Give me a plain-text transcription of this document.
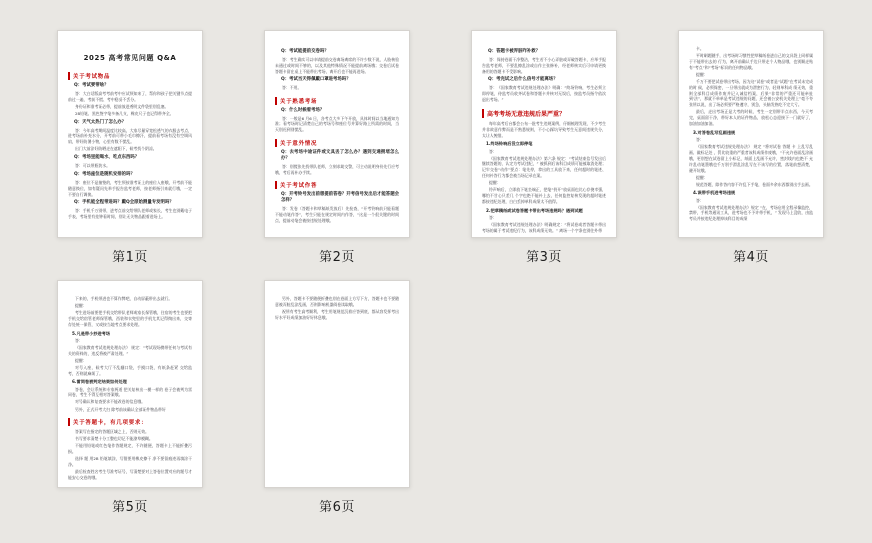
2025 高考常见问题 Q&A
关于考试物品
Q：考试要带啥？
答：大白话版高考考前考中应试须知来了，帮你和孩子把关键节点提前过一遍，考前不慌、考中稳妥不丢分。
身份证和准考证必带，提前放进透明文件袋里别乱塞。
2B铅笔、黑色签字笔多备几支，橡皮尺子也记得带齐全。
Q：天气太热门了怎么办？
答：今年高考期间温度比较高，大家尽量穿宽松透气的衣服去考点，进考场前补充水分，开考前可带小毛巾擦汗，提前看考场有没有空调风扇，带好防暑小物，心里有数不慌乱。
出门大前涂好防晒走在遮阳下，候考找个阴凉。
Q：考场里能喝水、吃点东西吗？
答：可以带瓶装水。
Q：考场座位是随机安排的吗？
答：座位不是抽签的，考生须按准考证上的座位入座哦，开考前不能随意换位，如有疑问先举手报告监考老师，按老师指引来就行哦，一定不要自行调换。
Q：手机能全程带进吗？戴Q全原始测量专发明吗？
答：手机千万别带，进考点前交给带队老师或家长，考生也别戴电子手表，考场里有挂钟看时间，别让无关物品跟着进场上。
第1页
Q：考试能提前交卷吗？
答：考生确实可以申请提前交卷离场离席的不许少数不说，人脸核验未通过或时间不够的，以及其他特殊情况不能提前离场哦；交卷后试卷答题卡留在桌上不能带出考场，离开后也不能再进场。
Q：考试当天得佩戴口罩进考场吗？
答：不用。
关于熟悉考场
Q：什么时候看考场？
答：一般是6 月6 日，各考点大多下午开放，具体时间以当地通知为准；看考场时记清楚自己的考场号和座位号并算好路上所需的时间，当天别迟到别慌乱。
关于意外情况
Q：去考场中途证件或文具丢了怎么办？遇到交通拥堵怎么办？
答：别慌张先找带队老师，立刻求助交警，可主动说明身份先行应考哦，考后再补办手续。
关于考试作答
Q：开考铃号发出前想提前答卷？开考信号发出后才能答题会怎样？
答：发卷（答题卡和草稿纸发放后）先检查，“开考铃响前只能看题不能动笔作答”，考生只能在规定时间内作答，“这是一个很关键的时间点，提前动笔会被按违规处理哦。
第2页
Q：答题卡被弄脏咋补救？
答：保持卷面干净整洁，考生若不小心弄脏或弄破答题卡，应举手报告监考老师，不要乱擦乱涂或自作主张修补，经老师核实后可申请更换备用的答题卡不受影响。
Q：考完试之后什么信号才能离场？
答：《国家教育考试违规处理办法》明确：“终场铃响，考生必须立即停笔，待监考员收齐试卷和答题卡并核对无误后，按监考员指令依次退出考场。”
高考考场无意违规后果严重？
每年高考后台都会公布一批考生违规案例，仔细梳理发现，不少考生并非故意作弊而是不熟悉规则，不小心踩坑导致考生无意间违规失分，太让人惋惜。
1.终场铃响后没立即停笔
答：
《国家教育考试违规处理办法》第六条 规定：“考试结束信号发出后继续答题的，认定为考试违纪，” 被抓到后该科目成绩可能被取消处理；记牢交卷“动作”要点：笔先停，拿出的工具放下来，任何超时的笔迹、任何补答行为都会被当场记录在案。
提醒：
铃声响后，立即放下笔坐端正，把笔“扔开”放桌面也比心存侥幸强，哪怕不甘心只差几 个字也绝不能补上去，任何监控复核发现的超时笔迹都按违纪处理，白白丢掉单科成绩太不值得。
2.把草稿纸或试卷答题卡带出考场违规吗？遇到试题
答：
《国家教育考试违规处理办法》明确规定：“将试卷或者答题卡带出考场的属于考试违纪行为，该科成绩无效。” 离场一个字条也别往外带
第3页
卡。
平时刷题随手，出考场时习惯性把草稿纸卷进自己的文具袋上同样属于不能带出去的 行为，离开前确认手边只带走个人物品哦，也别顺走贴有“考点”和“考场”标识的任何物品哦。
提醒：
千万不要把试卷带出考场，因为这“试卷”或者是“试题”在考试未完成的时 候，必须保密，一旦带出就成为泄密行为，轻则单科成 绩无效，重则全部科目成绩作废并记入诚信档案，后果“非常的严重还可能牵扯到'法”，那就不单单是考试违规的问题，还会被公安机关处理上”毫不夸张所以说，出了场必须要严格遵守，别急，头脑发热吃不完大亏。
最后，走出考场正是大考的时候，考生一定别带半点东西，今天考完，桌面留干净，带好本人的证件物品，放松心态迎接下一门就好了，加油加油加油。
3.对答卷乱写乱画违规
答：
《国家教育考试违规处理办法》 规定 “将对试卷 答题 卡 上乱写乱 画、做标记处 ，罚比较重的严重者该科成绩作废哦，“不允许卷面乱涂画 哦，更别想在试卷留上小标记，纸面上乱画不允许，密封线内也绝不 允许乱动笔墨哦也千万别手滑乱涂乱写在不该写的位置，落笔前想清楚，避开坑哦。
提醒：
规范答题，除作答内容不许乱下手笔，卷面多余东西都别出手去画。
4.误带手机进考场违规
答：
《国家教育考试违规处理办法》规定 “在，考场启用全程录像监控，禁带，手机等通讯工具，进考场也不予许带手机，” 发现马上没收，由监考员并按违纪处理掉该科目的成绩
第4页
下来的，手机带进也不算作弊吧，自动屏蔽带出去就行。
提醒：
考生进场前要把手机交给带队老师或家长保管哦，住宿的考生也要把手机交给宿管老师保管哦，西装和衣兜里的手机尤其记得掏出来，交寄存处统一保管，又或按当地考点要求处理。
5.凡是带小抄进考场
答：
《国家教育考试违规处理办法》 规定：“考试现场携带任何与考试有关的资料的，违反将被严肃处理。”
提醒：
对号入座，候考大厅不乱翻口袋，手摸口袋，有纸条赶紧 交给监考，否则就麻烦了。
6.雷同卷被判定结果如何处理
答卷，会让系统和专家两道 把关复核出一模一样的 卷子会被判为雷同卷，考生不得互相对答案哦。
对号确认和复查要求不能改卷的信息哦。
另外，正式开考大扫 除考前该确认全部证件物品带好
关于答题卡，有几项要求：
答案写在指定的答题区域之上，否则无效。
书写要求清楚十分工整也切记不能潦草模糊。
不能用铅笔或红色笔作答题规定，不许随便，答题卡上不能折叠污损。
选择 题 用2B 铅笔填涂，写错要用橡皮擦干 净不要留痕迹再填涂干净。
最后检查姓名考生号准考证号，写清楚要对上答卷位置对应的题号才能安心交卷的哦。
第5页
另外，答题卡不要随便折叠也别在卷面上方写下方，答题卡也不要随意被弄脏乱涂乱画，否则影响机器阅卷读取哦。
祝所有考生高考顺利，考生用笔规范沉着应答到底，都从容发挥考出好水平好成绩加油好好休息哦。
第6页
